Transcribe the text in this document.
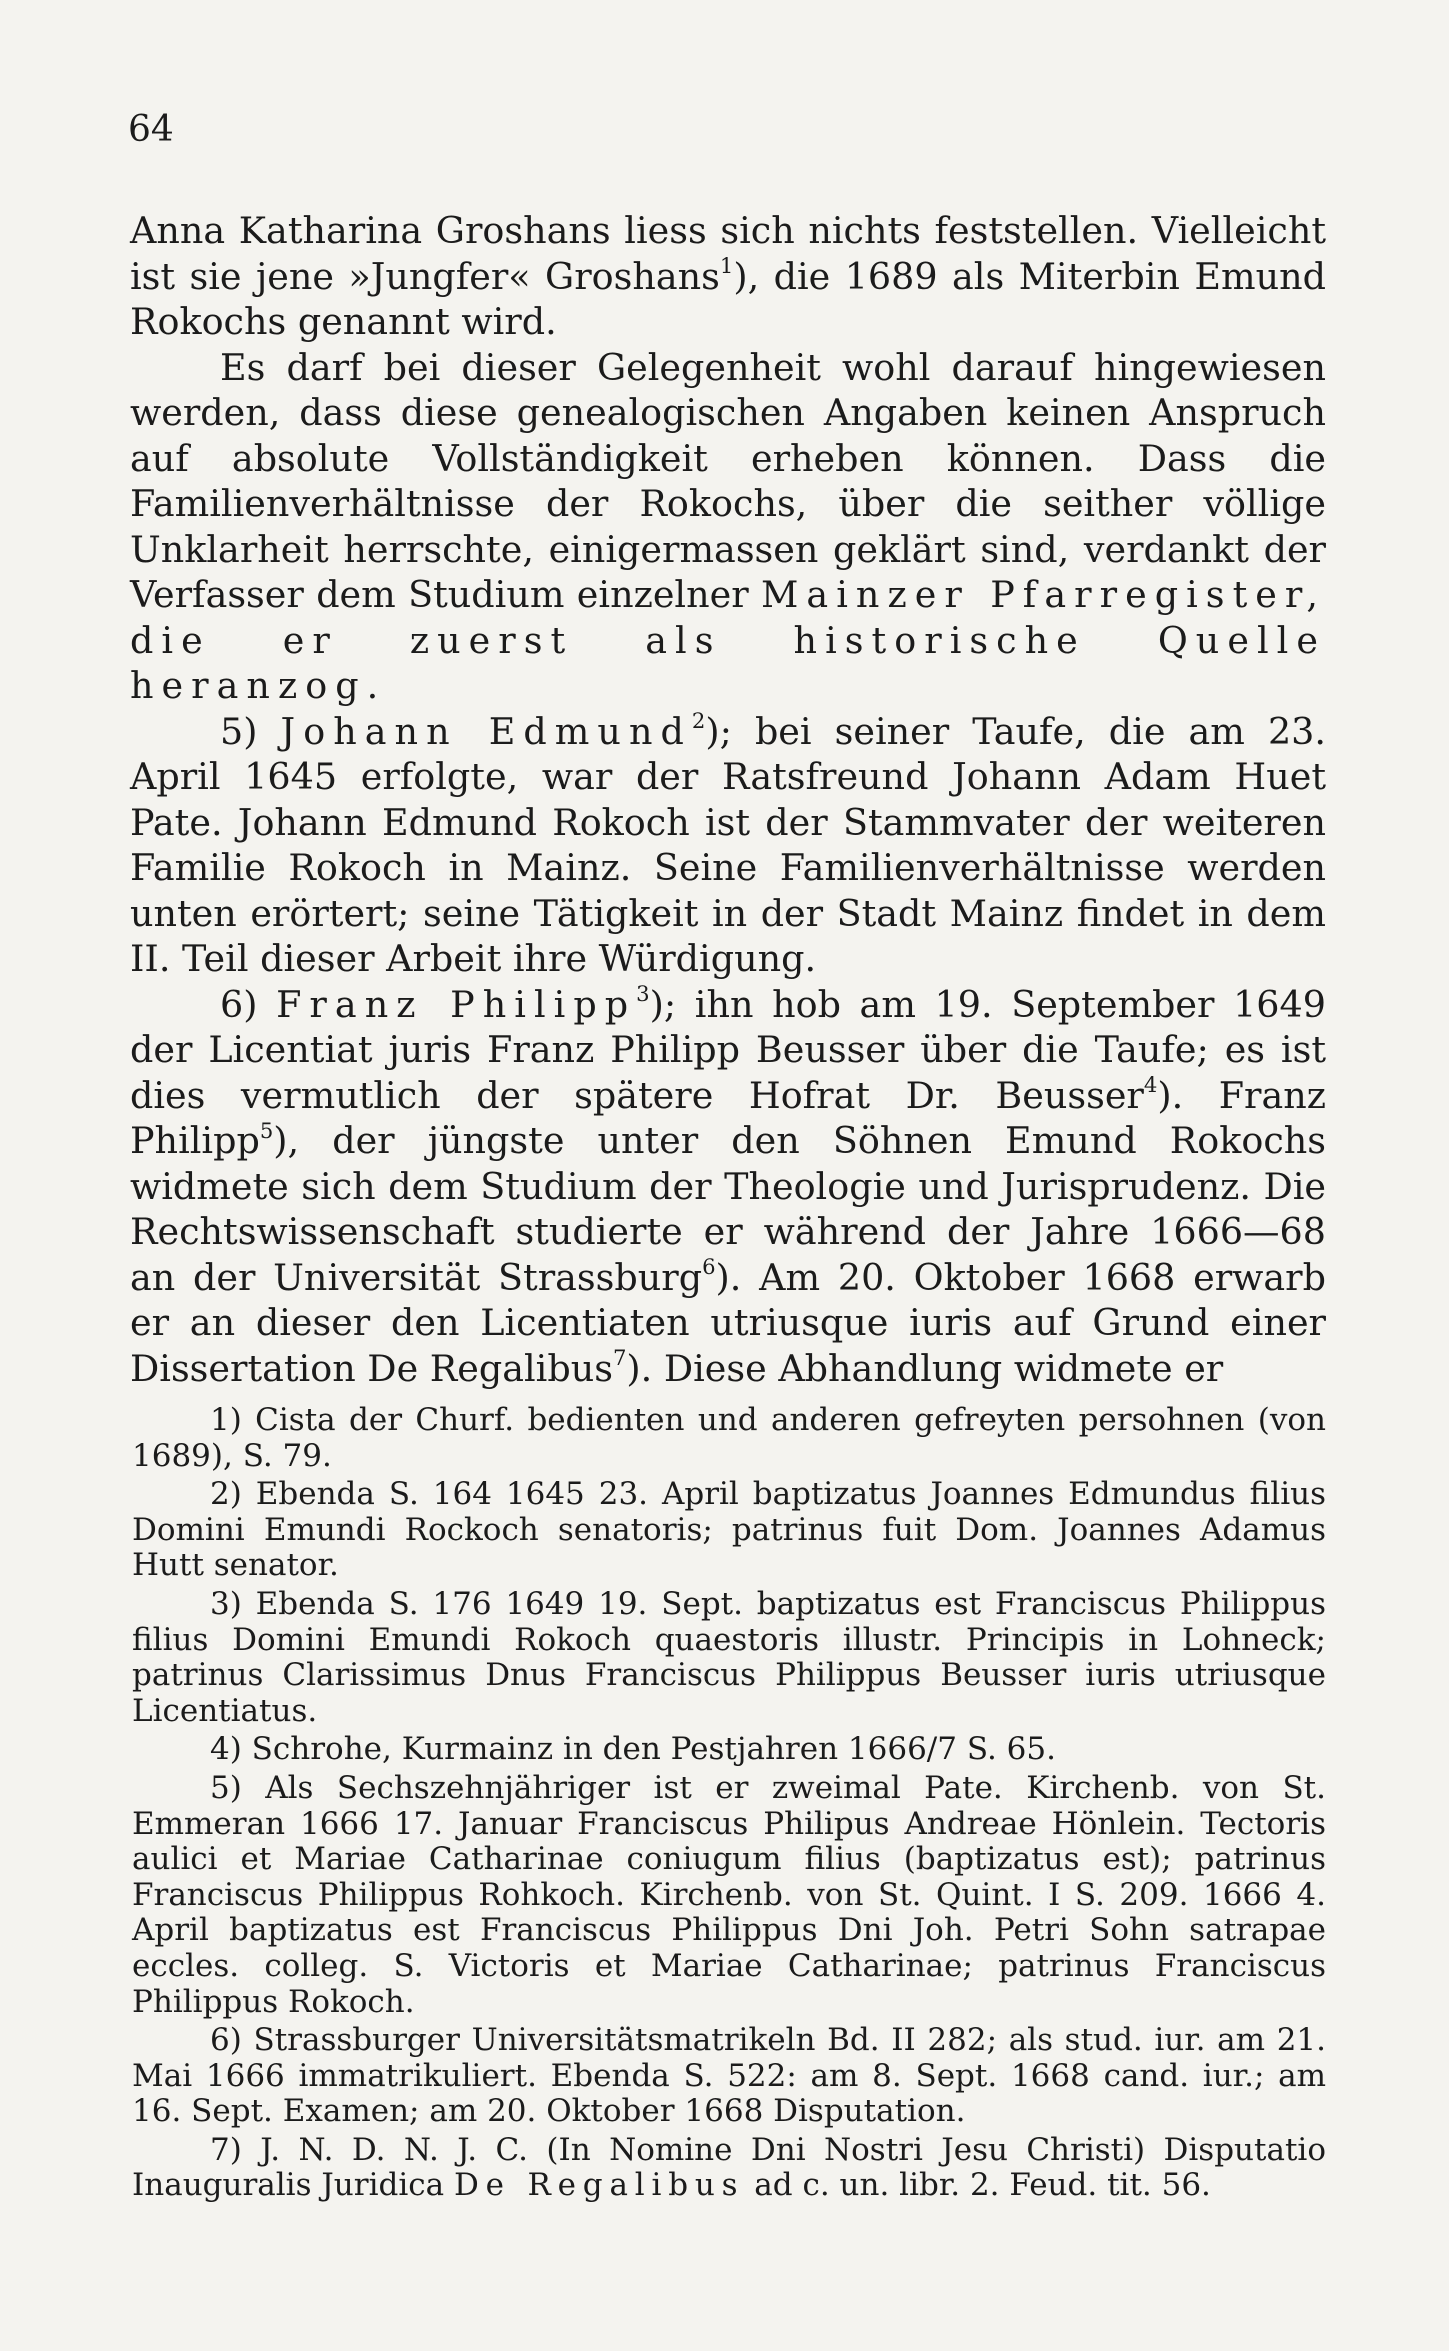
64

Anna Katharina Groshans liess sich nichts feststellen. Vielleicht ist sie jene »Jungfer« Groshans$^1$), die 1689 als Miterbin Emund Rokochs genannt wird.

Es darf bei dieser Gelegenheit wohl darauf hingewiesen werden, dass diese genealogischen Angaben keinen Anspruch auf absolute Vollständigkeit erheben können. Dass die Familienverhältnisse der Rokochs, über die seither völlige Unklarheit herrschte, einigermassen geklärt sind, verdankt der Verfasser dem Studium einzelner Mainzer Pfarregister, die er zuerst als historische Quelle heranzog.

5) Johann Edmund$^2$); bei seiner Taufe, die am 23. April 1645 erfolgte, war der Ratsfreund Johann Adam Huet Pate. Johann Edmund Rokoch ist der Stammvater der weiteren Familie Rokoch in Mainz. Seine Familienverhältnisse werden unten erörtert; seine Tätigkeit in der Stadt Mainz findet in dem II. Teil dieser Arbeit ihre Würdigung.

6) Franz Philipp$^3$); ihn hob am 19. September 1649 der Licentiat juris Franz Philipp Beusser über die Taufe; es ist dies vermutlich der spätere Hofrat Dr. Beusser$^4$). Franz Philipp$^5$), der jüngste unter den Söhnen Emund Rokochs widmete sich dem Studium der Theologie und Jurisprudenz. Die Rechtswissenschaft studierte er während der Jahre 1666—68 an der Universität Strassburg$^6$). Am 20. Oktober 1668 erwarb er an dieser den Licentiaten utriusque iuris auf Grund einer Dissertation De Regalibus$^7$). Diese Abhandlung widmete er

1) Cista der Churf. bedienten und anderen gefreyten persohnen (von 1689), S. 79.

2) Ebenda S. 164 1645 23. April baptizatus Joannes Edmundus filius Domini Emundi Rockoch senatoris; patrinus fuit Dom. Joannes Adamus Hutt senator.

3) Ebenda S. 176 1649 19. Sept. baptizatus est Franciscus Philippus filius Domini Emundi Rokoch quaestoris illustr. Principis in Lohneck; patrinus Clarissimus Dnus Franciscus Philippus Beusser iuris utriusque Licentiatus.

4) Schrohe, Kurmainz in den Pestjahren 1666/7 S. 65.

5) Als Sechszehnjähriger ist er zweimal Pate. Kirchenb. von St. Emmeran 1666 17. Januar Franciscus Philipus Andreae Hönlein. Tectoris aulici et Mariae Catharinae coniugum filius (baptizatus est); patrinus Franciscus Philippus Rohkoch. Kirchenb. von St. Quint. I S. 209. 1666 4. April baptizatus est Franciscus Philippus Dni Joh. Petri Sohn satrapae eccles. colleg. S. Victoris et Mariae Catharinae; patrinus Franciscus Philippus Rokoch.

6) Strassburger Universitätsmatrikeln Bd. II 282; als stud. iur. am 21. Mai 1666 immatrikuliert. Ebenda S. 522: am 8. Sept. 1668 cand. iur.; am 16. Sept. Examen; am 20. Oktober 1668 Disputation.

7) J. N. D. N. J. C. (In Nomine Dni Nostri Jesu Christi) Disputatio Inauguralis Juridica De Regalibus ad c. un. libr. 2. Feud. tit. 56.
